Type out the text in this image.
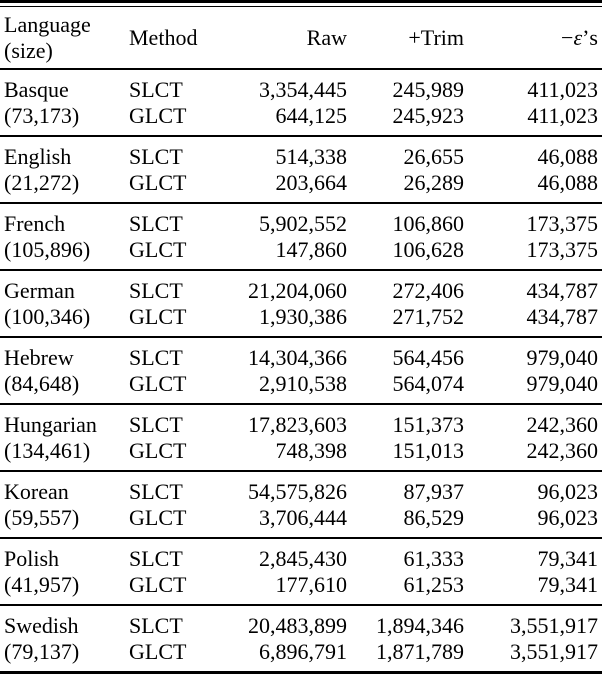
Language
(size)	Method	Raw	+Trim	−ε’s
Basque	SLCT	3,354,445	245,989	411,023
(73,173)	GLCT	644,125	245,923	411,023
English	SLCT	514,338	26,655	46,088
(21,272)	GLCT	203,664	26,289	46,088
French	SLCT	5,902,552	106,860	173,375
(105,896)	GLCT	147,860	106,628	173,375
German	SLCT	21,204,060	272,406	434,787
(100,346)	GLCT	1,930,386	271,752	434,787
Hebrew	SLCT	14,304,366	564,456	979,040
(84,648)	GLCT	2,910,538	564,074	979,040
Hungarian	SLCT	17,823,603	151,373	242,360
(134,461)	GLCT	748,398	151,013	242,360
Korean	SLCT	54,575,826	87,937	96,023
(59,557)	GLCT	3,706,444	86,529	96,023
Polish	SLCT	2,845,430	61,333	79,341
(41,957)	GLCT	177,610	61,253	79,341
Swedish	SLCT	20,483,899	1,894,346	3,551,917
(79,137)	GLCT	6,896,791	1,871,789	3,551,917
